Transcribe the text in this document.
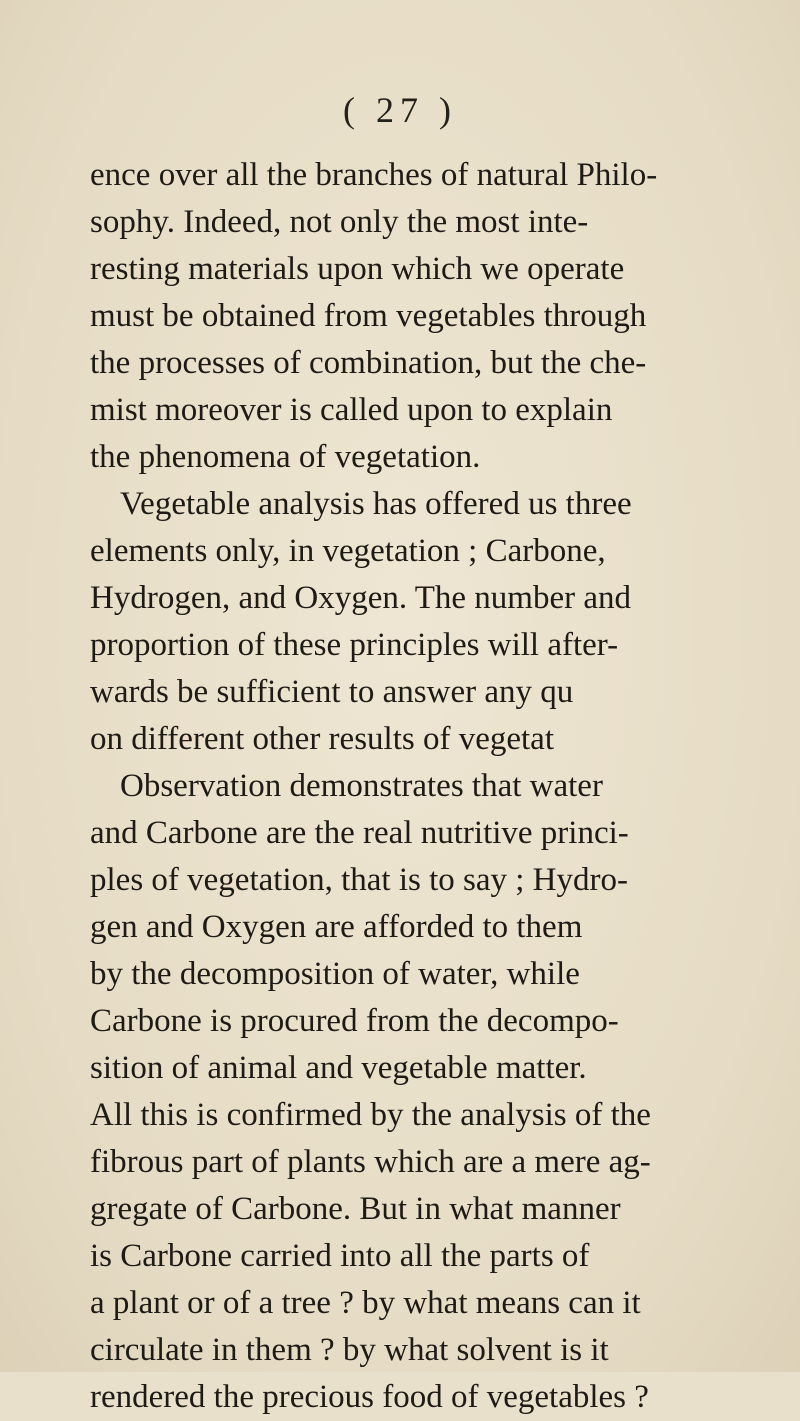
( 27 )
ence over all the branches of natural Philo-
sophy. Indeed, not only the most inte-
resting materials upon which we operate
must be obtained from vegetables through
the processes of combination, but the che-
mist moreover is called upon to explain
the phenomena of vegetation.
Vegetable analysis has offered us three
elements only, in vegetation ; Carbone,
Hydrogen, and Oxygen. The number and
proportion of these principles will after-
wards be sufficient to answer any qu
on different other results of vegetat
Observation demonstrates that water
and Carbone are the real nutritive princi-
ples of vegetation, that is to say ; Hydro-
gen and Oxygen are afforded to them
by the decomposition of water, while
Carbone is procured from the decompo-
sition of animal and vegetable matter.
All this is confirmed by the analysis of the
fibrous part of plants which are a mere ag-
gregate of Carbone. But in what manner
is Carbone carried into all the parts of
a plant or of a tree ? by what means can it
circulate in them ? by what solvent is it
rendered the precious food of vegetables ?
